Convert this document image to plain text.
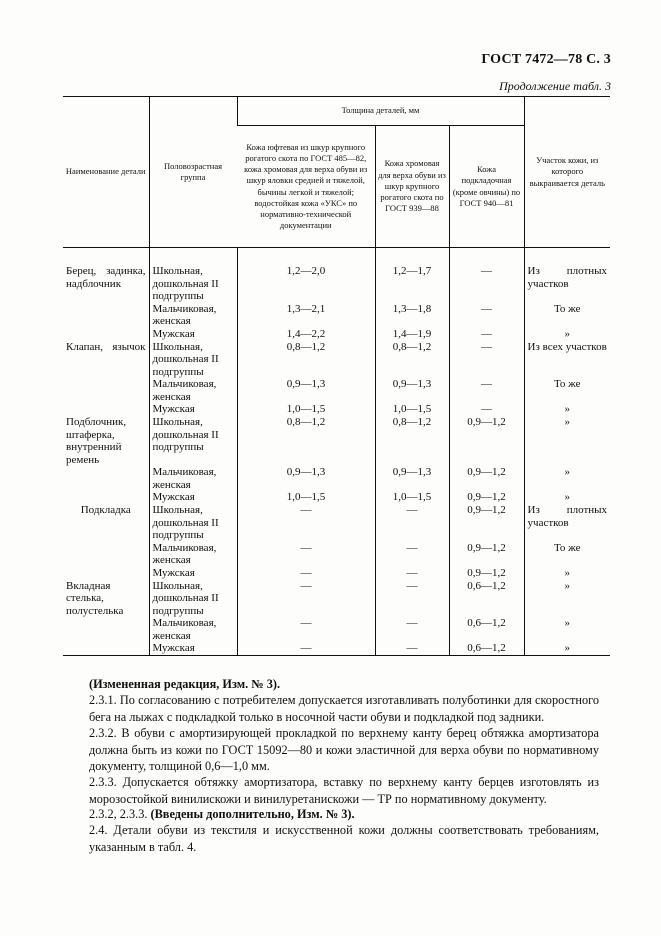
ГОСТ 7472—78 С. 3
Продолжение табл. 3
Наименование детали	Половозрастная группа	Толщина деталей, мм			Участок кожи, из которого выкраивается деталь
		Кожа юфтевая из шкур крупного рогатого скота по ГОСТ 485—82, кожа хромовая для верха обуви из шкур яловки средней и тяжелой, бычины легкой и тяжелой; водостойкая кожа «УКС» по нормативно-технической документации	Кожа хромовая для верха обуви из шкур крупного рогатого скота по ГОСТ 939—88	Кожа подкладочная (кроме овчины) по ГОСТ 940—81	
Берец, задинка, надблочник	Школьная, дошкольная II подгруппы	1,2—2,0	1,2—1,7	—	Из плотных участков
	Мальчиковая, женская	1,3—2,1	1,3—1,8	—	То же
	Мужская	1,4—2,2	1,4—1,9	—	»
Клапан, язычок	Школьная, дошкольная II подгруппы	0,8—1,2	0,8—1,2	—	Из всех участков
	Мальчиковая, женская	0,9—1,3	0,9—1,3	—	То же
	Мужская	1,0—1,5	1,0—1,5	—	»
Подблочник, штаферка, внутренний ремень	Школьная, дошкольная II подгруппы	0,8—1,2	0,8—1,2	0,9—1,2	»
	Мальчиковая, женская	0,9—1,3	0,9—1,3	0,9—1,2	»
	Мужская	1,0—1,5	1,0—1,5	0,9—1,2	»
Подкладка	Школьная, дошкольная II подгруппы	—	—	0,9—1,2	Из плотных участков
	Мальчиковая, женская	—	—	0,9—1,2	То же
	Мужская	—	—	0,9—1,2	»
Вкладная стелька, полустелька	Школьная, дошкольная II подгруппы	—	—	0,6—1,2	»
	Мальчиковая, женская	—	—	0,6—1,2	»
	Мужская	—	—	0,6—1,2	»

(Измененная редакция, Изм. № 3).

2.3.1. По согласованию с потребителем допускается изготавливать полуботинки для скоростного бега на лыжах с подкладкой только в носочной части обуви и подкладкой под задники.

2.3.2. В обуви с амортизирующей прокладкой по верхнему канту берец обтяжка амортизатора должна быть из кожи по ГОСТ 15092—80 и кожи эластичной для верха обуви по нормативному документу, толщиной 0,6—1,0 мм.

2.3.3. Допускается обтяжку амортизатора, вставку по верхнему канту берцев изготовлять из морозостойкой винилискожи и винилуретанискожи — ТР по нормативному документу.

2.3.2, 2.3.3. (Введены дополнительно, Изм. № 3).

2.4. Детали обуви из текстиля и искусственной кожи должны соответствовать требованиям, указанным в табл. 4.
